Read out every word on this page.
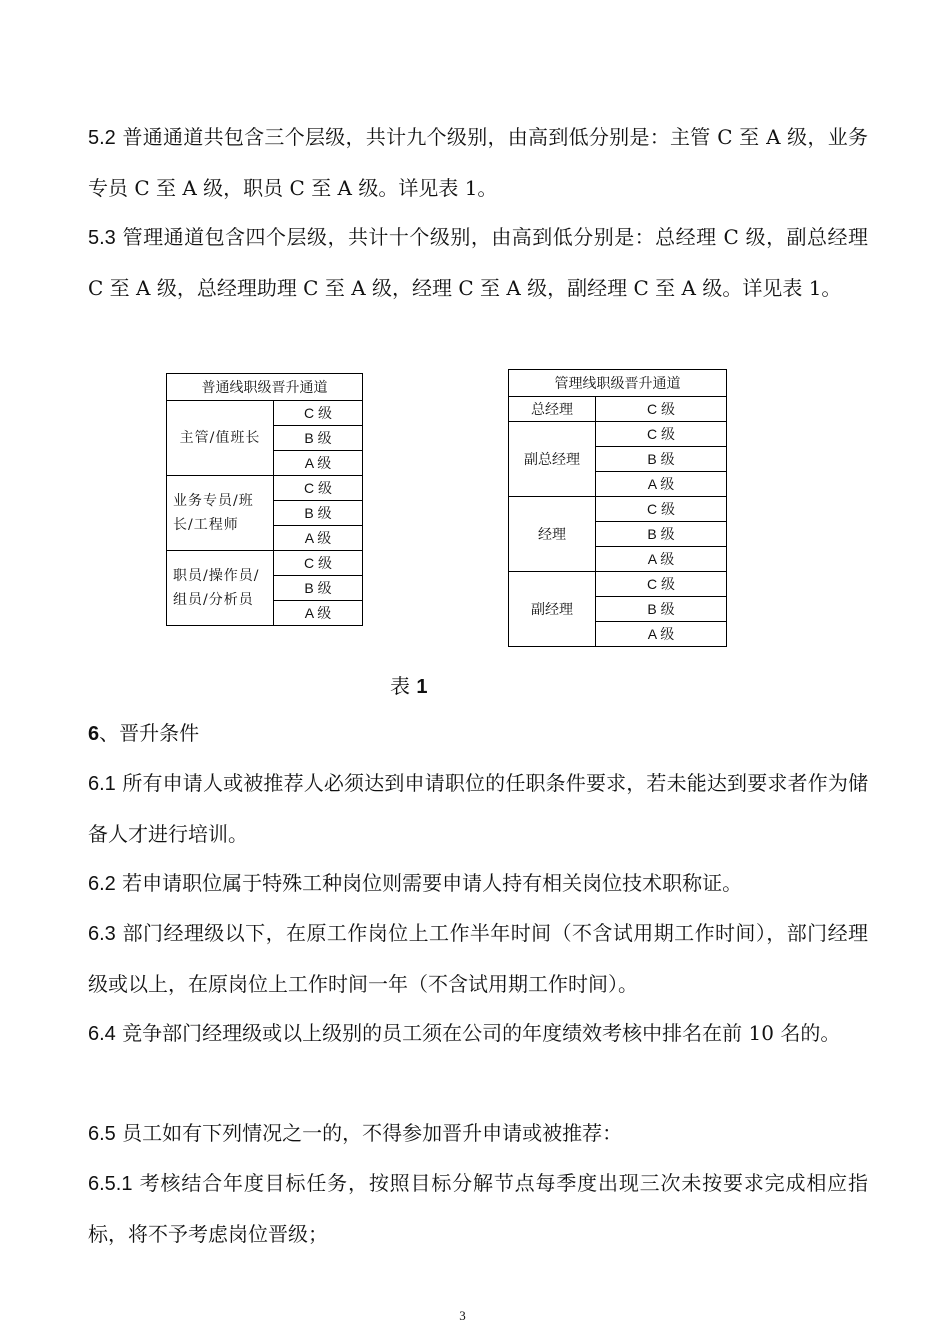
5.2 普通通道共包含三个层级，共计九个级别，由高到低分别是：主管 C 至 A 级，业务专员 C 至 A 级，职员 C 至 A 级。详见表 1。

5.3 管理通道包含四个层级，共计十个级别，由高到低分别是：总经理 C 级，副总经理 C 至 A 级，总经理助理 C 至 A 级，经理 C 至 A 级，副经理 C 至 A 级。详见表 1。

普通线职级晋升通道	
主管/值班长	C 级
	B 级
	A 级
业务专员/班长/工程师	C 级
	B 级
	A 级
职员/操作员/组员/分析员	C 级
	B 级
	A 级
管理线职级晋升通道	
总经理	C 级
副总经理	C 级
	B 级
	A 级
经理	C 级
	B 级
	A 级
副经理	C 级
	B 级
	A 级
表 1
6、晋升条件

6.1 所有申请人或被推荐人必须达到申请职位的任职条件要求，若未能达到要求者作为储备人才进行培训。

6.2 若申请职位属于特殊工种岗位则需要申请人持有相关岗位技术职称证。

6.3 部门经理级以下，在原工作岗位上工作半年时间（不含试用期工作时间），部门经理级或以上，在原岗位上工作时间一年（不含试用期工作时间）。

6.4 竞争部门经理级或以上级别的员工须在公司的年度绩效考核中排名在前 10 名的。

6.5 员工如有下列情况之一的，不得参加晋升申请或被推荐：

6.5.1 考核结合年度目标任务，按照目标分解节点每季度出现三次未按要求完成相应指标，将不予考虑岗位晋级；

3
